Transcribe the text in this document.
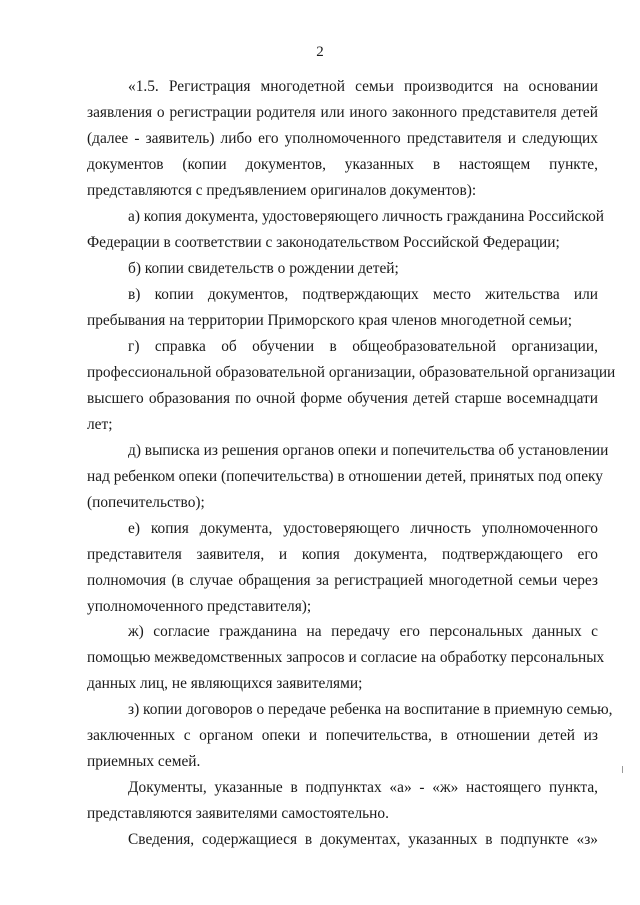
2
«1.5. Регистрация многодетной семьи производится на основании
заявления о регистрации родителя или иного законного представителя детей
(далее - заявитель) либо его уполномоченного представителя и следующих
документов (копии документов, указанных в настоящем пункте,
представляются с предъявлением оригиналов документов):
а) копия документа, удостоверяющего личность гражданина Российской
Федерации в соответствии с законодательством Российской Федерации;
б) копии свидетельств о рождении детей;
в) копии документов, подтверждающих место жительства или
пребывания на территории Приморского края членов многодетной семьи;
г) справка об обучении в общеобразовательной организации,
профессиональной образовательной организации, образовательной организации
высшего образования по очной форме обучения детей старше восемнадцати
лет;
д) выписка из решения органов опеки и попечительства об установлении
над ребенком опеки (попечительства) в отношении детей, принятых под опеку
(попечительство);
е) копия документа, удостоверяющего личность уполномоченного
представителя заявителя, и копия документа, подтверждающего его
полномочия (в случае обращения за регистрацией многодетной семьи через
уполномоченного представителя);
ж) согласие гражданина на передачу его персональных данных с
помощью межведомственных запросов и согласие на обработку персональных
данных лиц, не являющихся заявителями;
з) копии договоров о передаче ребенка на воспитание в приемную семью,
заключенных с органом опеки и попечительства, в отношении детей из
приемных семей.
Документы, указанные в подпунктах «а» - «ж» настоящего пункта,
представляются заявителями самостоятельно.
Сведения, содержащиеся в документах, указанных в подпункте «з»
